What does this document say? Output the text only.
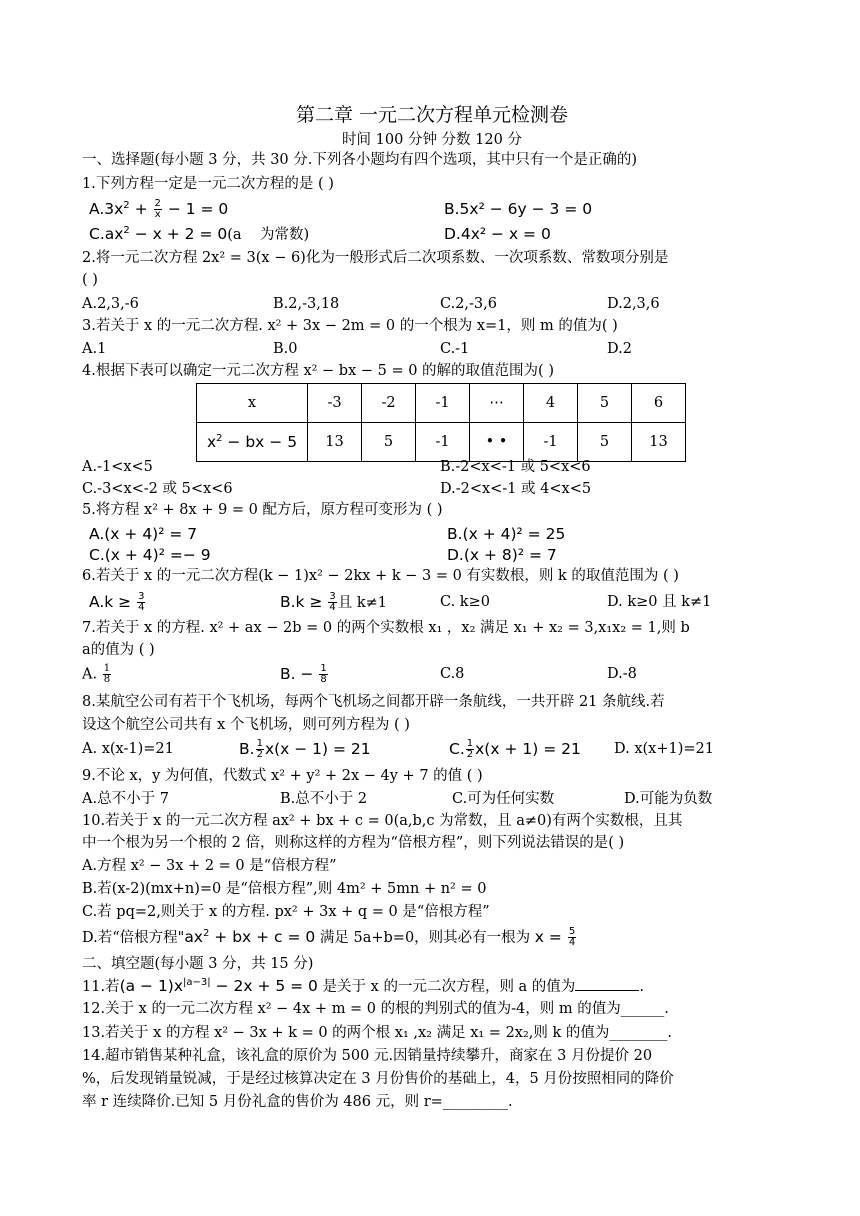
第二章 一元二次方程单元检测卷
时间 100 分钟 分数 120 分
一、选择题(每小题 3 分，共 30 分.下列各小题均有四个选项，其中只有一个是正确的)
1.下列方程一定是一元二次方程的是 ( )
$A.3x^2 + \frac{2}{x} - 1 = 0$	B.5x² − 6y − 3 = 0
$C.ax^2 - x + 2 = 0(a$    为常数)	D.4x² − x = 0
2.将一元二次方程 2x² = 3(x − 6)化为一般形式后二次项系数、一次项系数、常数项分别是
( )
A.2,3,-6	B.2,-3,18	C.2,-3,6	D.2,3,6
3.若关于 x 的一元二次方程. x² + 3x − 2m = 0 的一个根为 x=1，则 m 的值为( )
A.1	B.0	C.-1	D.2
4.根据下表可以确定一元二次方程 x² − bx − 5 = 0 的解的取值范围为( )
x	-3	-2	-1	⋯	4	5	6
$x^2$ − bx − 5	13	5	-1	• •	-1	5	13
A.-1<x<5	B.-2<x<-1 或 5<x<6
C.-3<x<-2 或 5<x<6	D.-2<x<-1 或 4<x<5
5.将方程 x² + 8x + 9 = 0 配方后，原方程可变形为 ( )
A.(x + 4)² = 7	B.(x + 4)² = 25
C.(x + 4)² =− 9	D.(x + 8)² = 7
6.若关于 x 的一元二次方程(k − 1)x² − 2kx + k − 3 = 0 有实数根，则 k 的取值范围为 ( )
$A.k \ge \frac{3}{4}$	$B.k \ge \frac{3}{4}$ 且 k≠1	C. k≥0	D. k≥0 且 k≠1
7.若关于 x 的方程. x² + ax − 2b = 0 的两个实数根 x₁ ，x₂ 满足 x₁ + x₂ = 3,x₁x₂ = 1,则 b
a的值为 ( )
A. $\frac{1}{8}$	B. − $\frac{1}{8}$	C.8	D.-8
8.某航空公司有若干个飞机场，每两个飞机场之间都开辟一条航线，一共开辟 21 条航线.若
设这个航空公司共有 x 个飞机场，则可列方程为 ( )
A. x(x-1)=21	B. $\frac{1}{2} x(x - 1) = 21$	C. $\frac{1}{2} x(x + 1) = 21$ D. x(x+1)=21
9.不论 x，y 为何值，代数式 x² + y² + 2x − 4y + 7 的值 ( )
A.总不小于 7	B.总不小于 2	C.可为任何实数	D.可能为负数
10.若关于 x 的一元二次方程 ax² + bx + c = 0(a,b,c 为常数，且 a≠0)有两个实数根，且其
中一个根为另一个根的 2 倍，则称这样的方程为“倍根方程”，则下列说法错误的是( )
A.方程 x² − 3x + 2 = 0 是“倍根方程”
B.若(x-2)(mx+n)=0 是“倍根方程”,则 4m² + 5mn + n² = 0
C.若 pq=2,则关于 x 的方程. px² + 3x + q = 0 是“倍根方程”
D.若“倍根方程"$ax^2$ + bx + c = 0 满足 5a+b=0，则其必有一根为 $x = \frac{5}{4}$
二、填空题(每小题 3 分，共 15 分)
11.若$(a - 1)x^{|a-3|} - 2x + 5 = 0$ 是关于 x 的一元二次方程，则 a 的值为	.
12.关于 x 的一元二次方程 x² − 4x + m = 0 的根的判别式的值为-4，则 m 的值为______.
13.若关于 x 的方程 x² − 3x + k = 0 的两个根 x₁ ,x₂ 满足 x₁ = 2x₂,则 k 的值为________.
14.超市销售某种礼盒，该礼盒的原价为 500 元.因销量持续攀升，商家在 3 月份提价 20
%，后发现销量锐减，于是经过核算决定在 3 月份售价的基础上，4，5 月份按照相同的降价
率 r 连续降价.已知 5 月份礼盒的售价为 486 元，则 r=_________.
